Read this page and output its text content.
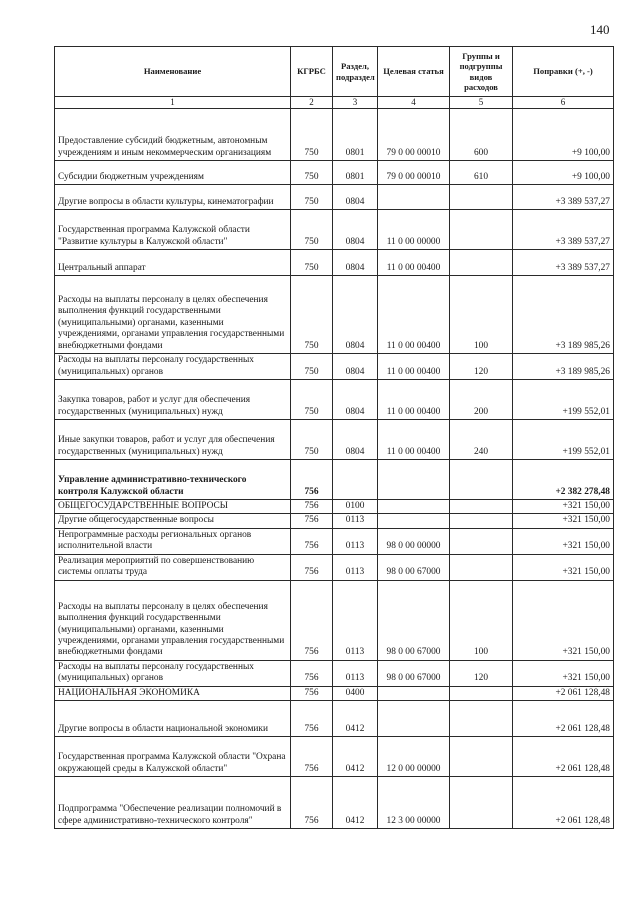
140
Наименование	КГРБС	Раздел, подраздел	Целевая статья	Группы и подгруппы видов расходов	Поправки (+, -)
1	2	3	4	5	6
Предоставление субсидий бюджетным, автономным учреждениям и иным некоммерческим организациям	750	0801	79 0 00 00010	600	+9 100,00
Субсидии бюджетным учреждениям	750	0801	79 0 00 00010	610	+9 100,00
Другие вопросы в области культуры, кинематографии	750	0804			+3 389 537,27
Государственная программа Калужской области "Развитие культуры в Калужской области"	750	0804	11 0 00 00000		+3 389 537,27
Центральный аппарат	750	0804	11 0 00 00400		+3 389 537,27
Расходы на выплаты персоналу в целях обеспечения выполнения функций государственными (муниципальными) органами, казенными учреждениями, органами управления государственными внебюджетными фондами	750	0804	11 0 00 00400	100	+3 189 985,26
Расходы на выплаты персоналу государственных (муниципальных) органов	750	0804	11 0 00 00400	120	+3 189 985,26
Закупка товаров, работ и услуг для обеспечения государственных (муниципальных) нужд	750	0804	11 0 00 00400	200	+199 552,01
Иные закупки товаров, работ и услуг для обеспечения государственных (муниципальных) нужд	750	0804	11 0 00 00400	240	+199 552,01
Управление административно-технического контроля Калужской области	756				+2 382 278,48
ОБЩЕГОСУДАРСТВЕННЫЕ ВОПРОСЫ	756	0100			+321 150,00
Другие общегосударственные вопросы	756	0113			+321 150,00
Непрограммные расходы региональных органов исполнительной власти	756	0113	98 0 00 00000		+321 150,00
Реализация мероприятий по совершенствованию системы оплаты труда	756	0113	98 0 00 67000		+321 150,00
Расходы на выплаты персоналу в целях обеспечения выполнения функций государственными (муниципальными) органами, казенными учреждениями, органами управления государственными внебюджетными фондами	756	0113	98 0 00 67000	100	+321 150,00
Расходы на выплаты персоналу государственных (муниципальных) органов	756	0113	98 0 00 67000	120	+321 150,00
НАЦИОНАЛЬНАЯ ЭКОНОМИКА	756	0400			+2 061 128,48
Другие вопросы в области национальной экономики	756	0412			+2 061 128,48
Государственная программа Калужской области "Охрана окружающей среды в Калужской области"	756	0412	12 0 00 00000		+2 061 128,48
Подпрограмма "Обеспечение реализации полномочий в сфере административно-технического контроля"	756	0412	12 3 00 00000		+2 061 128,48
